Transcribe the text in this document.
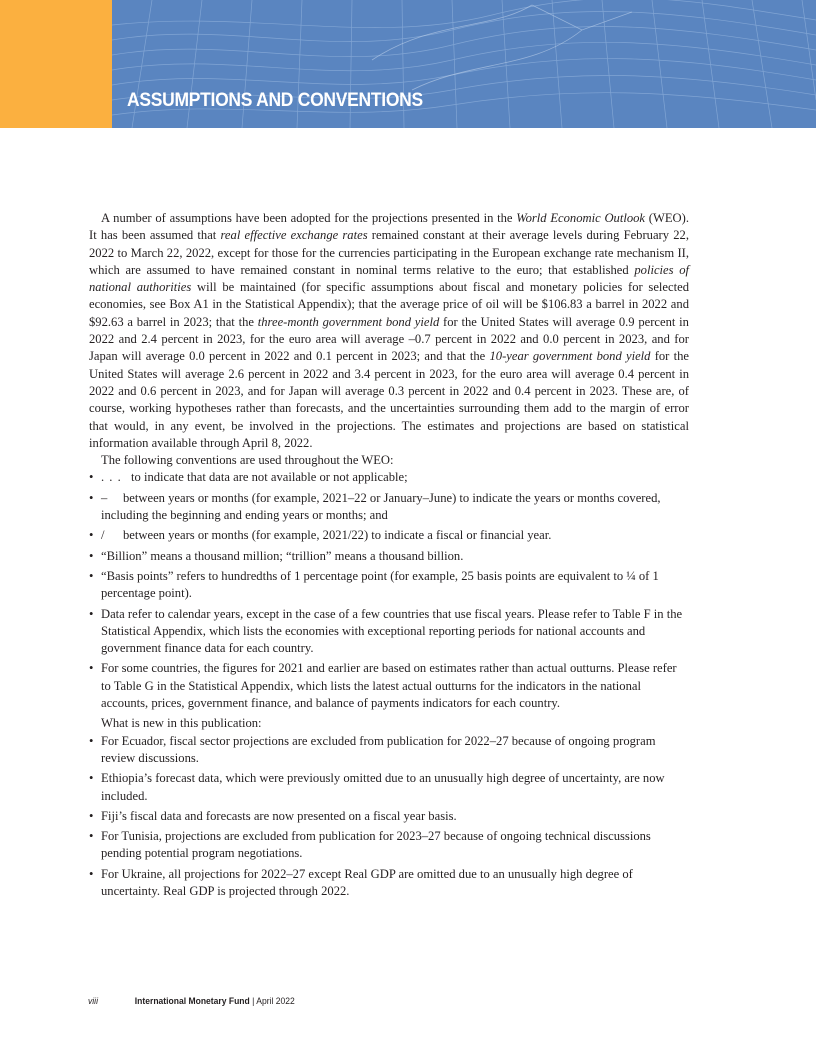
ASSUMPTIONS AND CONVENTIONS

A number of assumptions have been adopted for the projections presented in the World Economic Outlook (WEO). It has been assumed that real effective exchange rates remained constant at their average levels during February 22, 2022 to March 22, 2022, except for those for the currencies participating in the European exchange rate mechanism II, which are assumed to have remained constant in nominal terms relative to the euro; that established policies of national authorities will be maintained (for specific assumptions about fiscal and monetary policies for selected economies, see Box A1 in the Statistical Appendix); that the average price of oil will be $106.83 a barrel in 2022 and $92.63 a barrel in 2023; that the three-month government bond yield for the United States will average 0.9 percent in 2022 and 2.4 percent in 2023, for the euro area will average –0.7 percent in 2022 and 0.0 percent in 2023, and for Japan will average 0.0 percent in 2022 and 0.1 percent in 2023; and that the 10-year government bond yield for the United States will average 2.6 percent in 2022 and 3.4 percent in 2023, for the euro area will average 0.4 percent in 2022 and 0.6 percent in 2023, and for Japan will average 0.3 percent in 2022 and 0.4 percent in 2023. These are, of course, working hypotheses rather than forecasts, and the uncertainties surrounding them add to the margin of error that would, in any event, be involved in the projections. The estimates and projections are based on statistical information available through April 8, 2022.

The following conventions are used throughout the WEO:

• . . . to indicate that data are not available or not applicable;
• – between years or months (for example, 2021–22 or January–June) to indicate the years or months covered, including the beginning and ending years or months; and
• / between years or months (for example, 2021/22) to indicate a fiscal or financial year.
• “Billion” means a thousand million; “trillion” means a thousand billion.
• “Basis points” refers to hundredths of 1 percentage point (for example, 25 basis points are equivalent to ¼ of 1 percentage point).
• Data refer to calendar years, except in the case of a few countries that use fiscal years. Please refer to Table F in the Statistical Appendix, which lists the economies with exceptional reporting periods for national accounts and government finance data for each country.
• For some countries, the figures for 2021 and earlier are based on estimates rather than actual outturns. Please refer to Table G in the Statistical Appendix, which lists the latest actual outturns for the indicators in the national accounts, prices, government finance, and balance of payments indicators for each country.

What is new in this publication:

• For Ecuador, fiscal sector projections are excluded from publication for 2022–27 because of ongoing program review discussions.
• Ethiopia’s forecast data, which were previously omitted due to an unusually high degree of uncertainty, are now included.
• Fiji’s fiscal data and forecasts are now presented on a fiscal year basis.
• For Tunisia, projections are excluded from publication for 2023–27 because of ongoing technical discussions pending potential program negotiations.
• For Ukraine, all projections for 2022–27 except Real GDP are omitted due to an unusually high degree of uncertainty. Real GDP is projected through 2022.
viii	International Monetary Fund | April 2022
